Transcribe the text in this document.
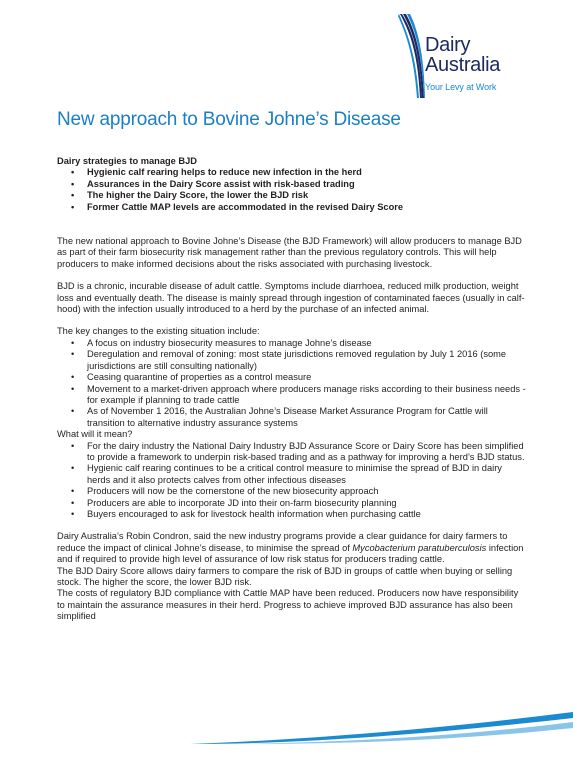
Dairy
Australia
Your Levy at Work
New approach to Bovine Johne’s Disease

Dairy strategies to manage BJD

• Hygienic calf rearing helps to reduce new infection in the herd
• Assurances in the Dairy Score assist with risk-based trading
• The higher the Dairy Score, the lower the BJD risk
• Former Cattle MAP levels are accommodated in the revised Dairy Score

The new national approach to Bovine Johne’s Disease (the BJD Framework) will allow producers to manage BJD as part of their farm biosecurity risk management rather than the previous regulatory controls. This will help producers to make informed decisions about the risks associated with purchasing livestock.

BJD is a chronic, incurable disease of adult cattle. Symptoms include diarrhoea, reduced milk production, weight loss and eventually death. The disease is mainly spread through ingestion of contaminated faeces (usually in calf-hood) with the infection usually introduced to a herd by the purchase of an infected animal.

The key changes to the existing situation include:

• A focus on industry biosecurity measures to manage Johne’s disease
• Deregulation and removal of zoning: most state jurisdictions removed regulation by July 1 2016 (some jurisdictions are still consulting nationally)
• Ceasing quarantine of properties as a control measure
• Movement to a market-driven approach where producers manage risks according to their business needs - for example if planning to trade cattle
• As of November 1 2016, the Australian Johne’s Disease Market Assurance Program for Cattle will transition to alternative industry assurance systems

What will it mean?

• For the dairy industry the National Dairy Industry BJD Assurance Score or Dairy Score has been simplified to provide a framework to underpin risk-based trading and as a pathway for improving a herd’s BJD status.
• Hygienic calf rearing continues to be a critical control measure to minimise the spread of BJD in dairy herds and it also protects calves from other infectious diseases
• Producers will now be the cornerstone of the new biosecurity approach
• Producers are able to incorporate JD into their on-farm biosecurity planning
• Buyers encouraged to ask for livestock health information when purchasing cattle

Dairy Australia’s Robin Condron, said the new industry programs provide a clear guidance for dairy farmers to reduce the impact of clinical Johne’s disease, to minimise the spread of Mycobacterium paratuberculosis infection and if required to provide high level of assurance of low risk status for producers trading cattle.

The BJD Dairy Score allows dairy farmers to compare the risk of BJD in groups of cattle when buying or selling stock. The higher the score, the lower BJD risk.

The costs of regulatory BJD compliance with Cattle MAP have been reduced. Producers now have responsibility to maintain the assurance measures in their herd. Progress to achieve improved BJD assurance has also been simplified
